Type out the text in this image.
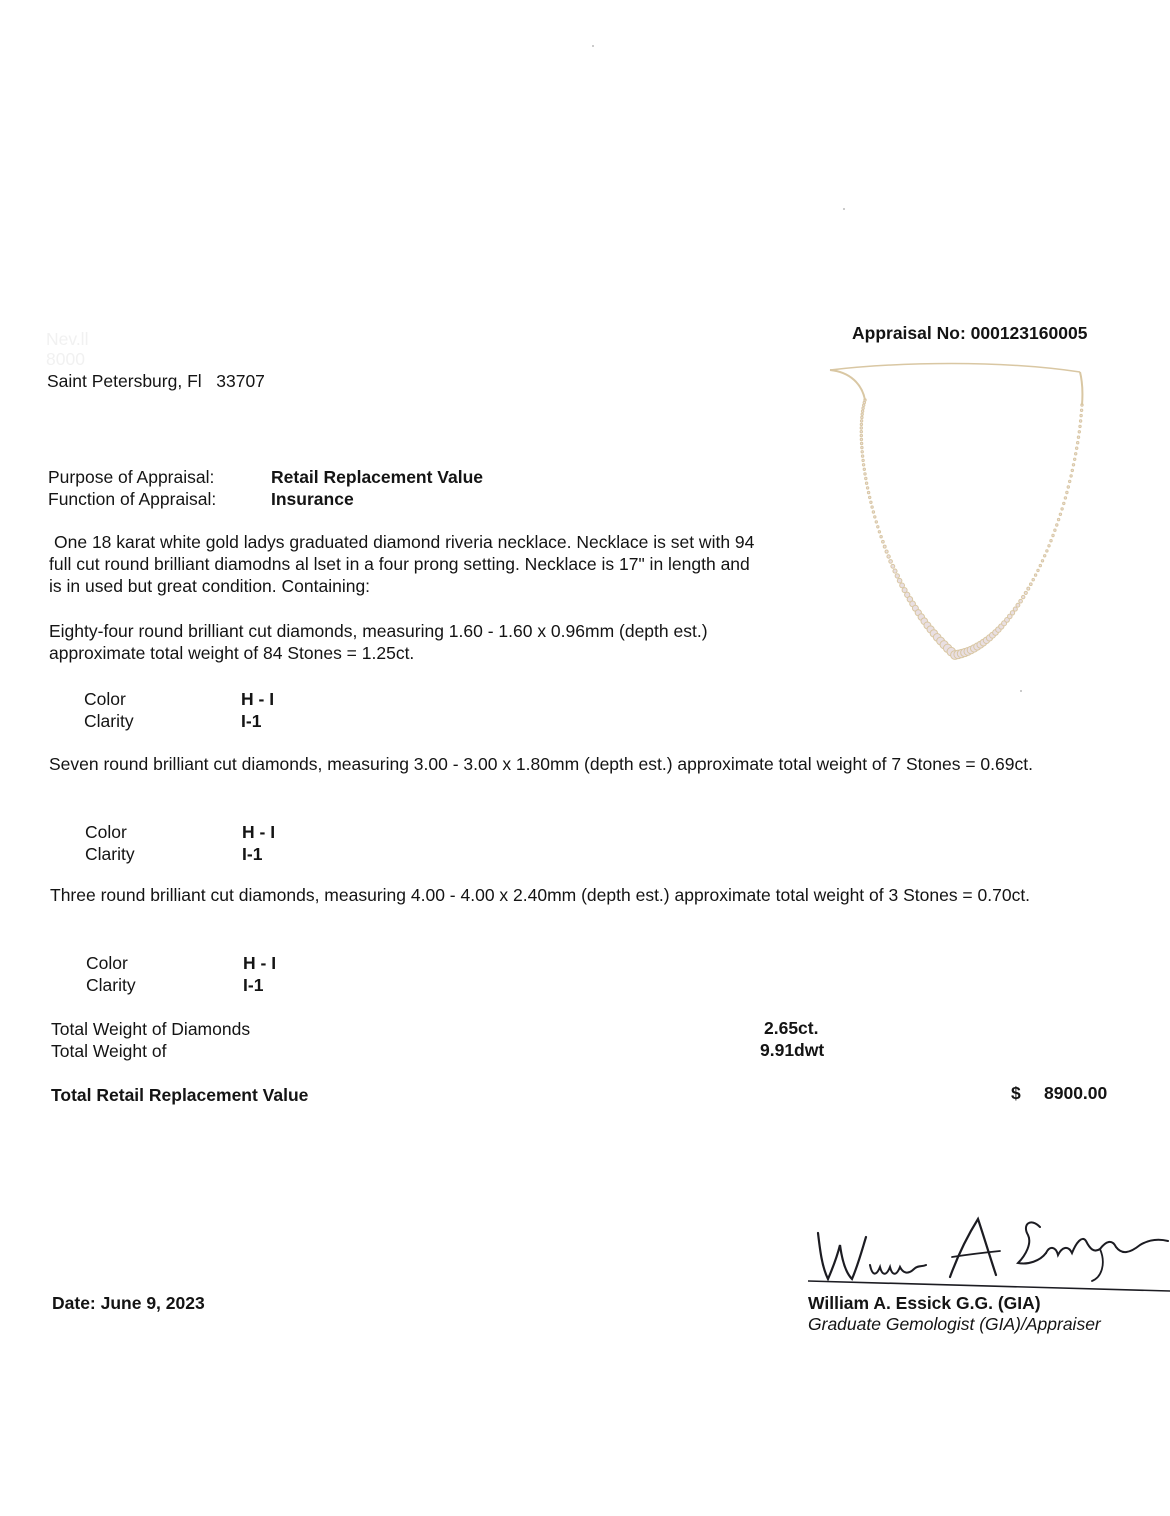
Appraisal No: 000123160005
Nev.ll
8000
Saint Petersburg, Fl   33707
Purpose of Appraisal:	Retail Replacement Value
Function of Appraisal:	Insurance
One 18 karat white gold ladys graduated diamond riveria necklace. Necklace is set with 94 full cut round brilliant diamodns al lset in a four prong setting. Necklace is 17" in length and is in used but great condition. Containing:
Eighty-four round brilliant cut diamonds, measuring 1.60 - 1.60 x 0.96mm (depth est.) approximate total weight of 84 Stones = 1.25ct.
Color	H - I
Clarity	I-1
Seven round brilliant cut diamonds, measuring 3.00 - 3.00 x 1.80mm (depth est.) approximate total weight of 7 Stones = 0.69ct.
Color	H - I
Clarity	I-1
Three round brilliant cut diamonds, measuring 4.00 - 4.00 x 2.40mm (depth est.) approximate total weight of 3 Stones = 0.70ct.
Color	H - I
Clarity	I-1
Total Weight of Diamonds	2.65ct.
Total Weight of	9.91dwt
Total Retail Replacement Value	$ 8900.00
Date: June 9, 2023	William A. Essick G.G. (GIA)
Graduate Gemologist (GIA)/Appraiser
